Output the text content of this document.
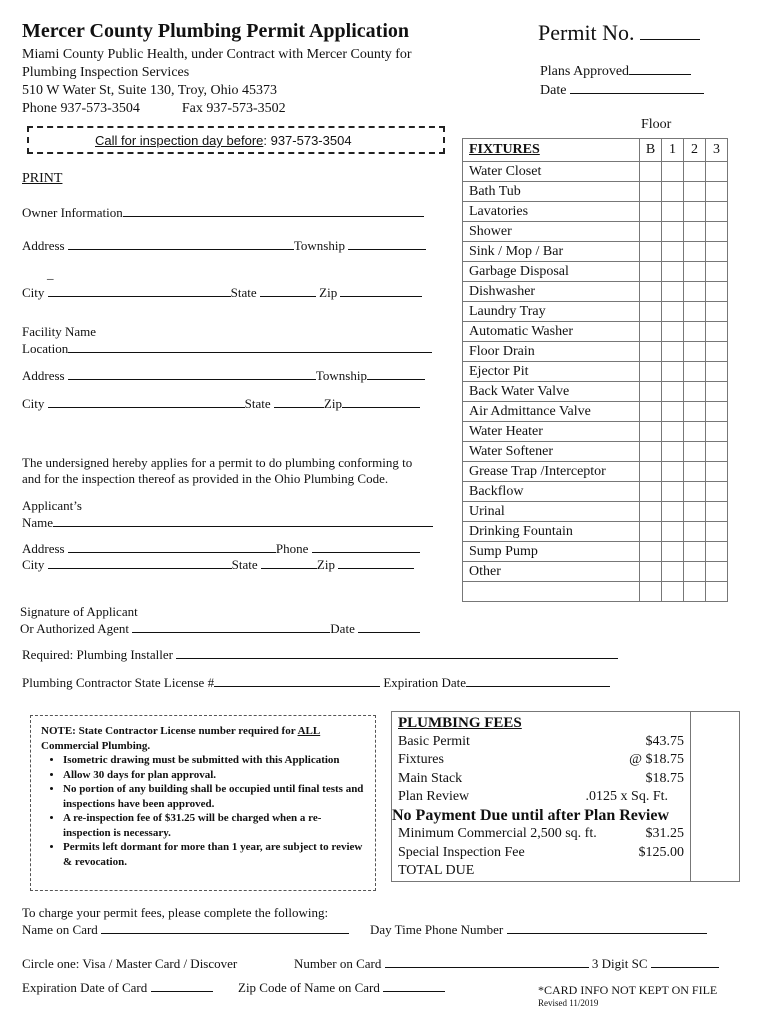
Mercer County Plumbing Permit Application	Permit No.
Miami County Public Health, under Contract with Mercer County for
Plumbing Inspection Services
510 W Water St, Suite 130, Troy, Ohio 45373
Phone 937-573-3504	Fax 937-573-3502
Plans Approved
Date
Call for inspection day before: 937-573-3504
PRINT
Owner Information
Address	Township
_
City	State	Zip
Facility Name
Location
Address	Township
City	State	Zip
The undersigned hereby applies for a permit to do plumbing conforming to
and for the inspection thereof as provided in the Ohio Plumbing Code.
Applicant’s
Name
Address	Phone
City	State	Zip
Signature of Applicant
Or Authorized Agent	Date
Required: Plumbing Installer
Plumbing Contractor State License #	Expiration Date
Floor
FIXTURES	B	1	2	3
Water Closet				
Bath Tub				
Lavatories				
Shower				
Sink / Mop / Bar				
Garbage Disposal				
Dishwasher				
Laundry Tray				
Automatic Washer				
Floor Drain				
Ejector Pit				
Back Water Valve				
Air Admittance Valve				
Water Heater				
Water Softener				
Grease Trap /Interceptor				
Backflow				
Urinal				
Drinking Fountain				
Sump Pump				
Other				

NOTE: State Contractor License number required for ALL
Commercial Plumbing.
• Isometric drawing must be submitted with this Application
• Allow 30 days for plan approval.
• No portion of any building shall be occupied until final tests and inspections have been approved.
• A re-inspection fee of $31.25 will be charged when a re-inspection is necessary.
• Permits left dormant for more than 1 year, are subject to review & revocation.
PLUMBING FEES
Basic Permit	$43.75
Fixtures	@ $18.75
Main Stack	$18.75
Plan Review	.0125 x Sq. Ft.
No Payment Due until after Plan Review
Minimum Commercial 2,500 sq. ft.	$31.25
Special Inspection Fee	$125.00
TOTAL DUE

To charge your permit fees, please complete the following:
Name on Card	Day Time Phone Number
Circle one: Visa / Master Card / Discover	Number on Card	3 Digit SC
Expiration Date of Card	Zip Code of Name on Card	*CARD INFO NOT KEPT ON FILE
Revised 11/2019
